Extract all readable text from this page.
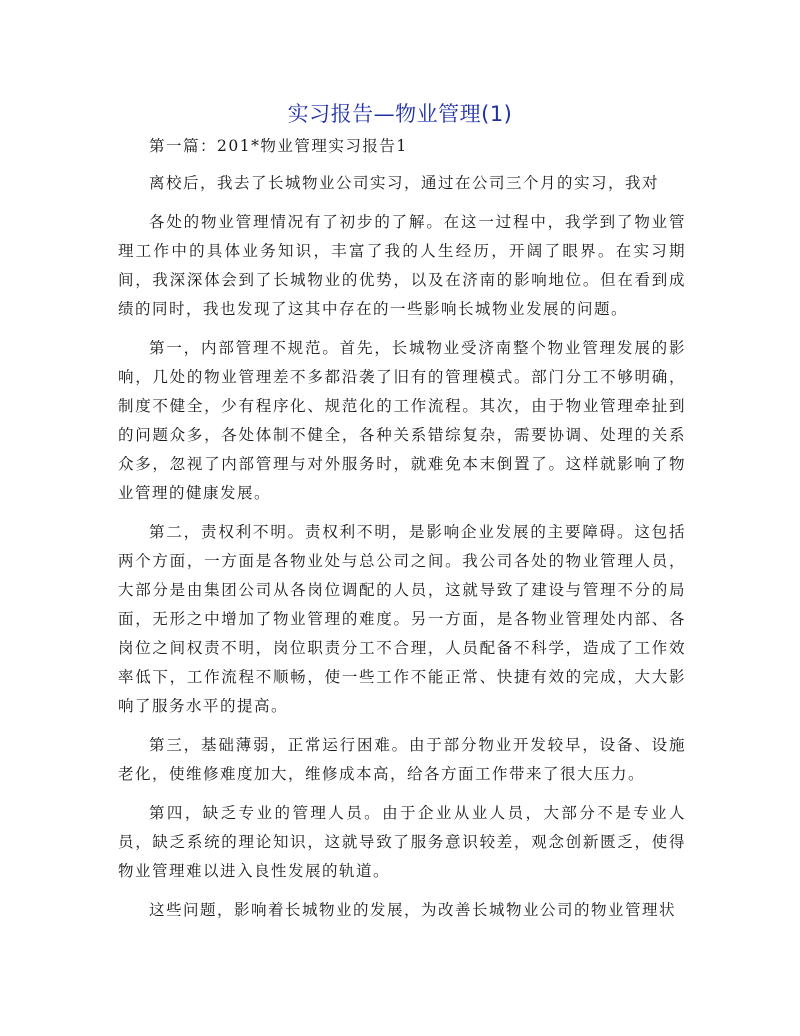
实习报告—物业管理(1)

第一篇：201*物业管理实习报告1

离校后，我去了长城物业公司实习，通过在公司三个月的实习，我对

各处的物业管理情况有了初步的了解。在这一过程中，我学到了物业管理工作中的具体业务知识，丰富了我的人生经历，开阔了眼界。在实习期间，我深深体会到了长城物业的优势，以及在济南的影响地位。但在看到成绩的同时，我也发现了这其中存在的一些影响长城物业发展的问题。

第一，内部管理不规范。首先，长城物业受济南整个物业管理发展的影响，几处的物业管理差不多都沿袭了旧有的管理模式。部门分工不够明确，制度不健全，少有程序化、规范化的工作流程。其次，由于物业管理牵扯到的问题众多，各处体制不健全，各种关系错综复杂，需要协调、处理的关系众多，忽视了内部管理与对外服务时，就难免本末倒置了。这样就影响了物业管理的健康发展。

第二，责权利不明。责权利不明，是影响企业发展的主要障碍。这包括两个方面，一方面是各物业处与总公司之间。我公司各处的物业管理人员，大部分是由集团公司从各岗位调配的人员，这就导致了建设与管理不分的局面，无形之中增加了物业管理的难度。另一方面，是各物业管理处内部、各岗位之间权责不明，岗位职责分工不合理，人员配备不科学，造成了工作效率低下，工作流程不顺畅，使一些工作不能正常、快捷有效的完成，大大影响了服务水平的提高。

第三，基础薄弱，正常运行困难。由于部分物业开发较早，设备、设施老化，使维修难度加大，维修成本高，给各方面工作带来了很大压力。

第四，缺乏专业的管理人员。由于企业从业人员，大部分不是专业人员，缺乏系统的理论知识，这就导致了服务意识较差，观念创新匮乏，使得物业管理难以进入良性发展的轨道。

这些问题，影响着长城物业的发展，为改善长城物业公司的物业管理状
